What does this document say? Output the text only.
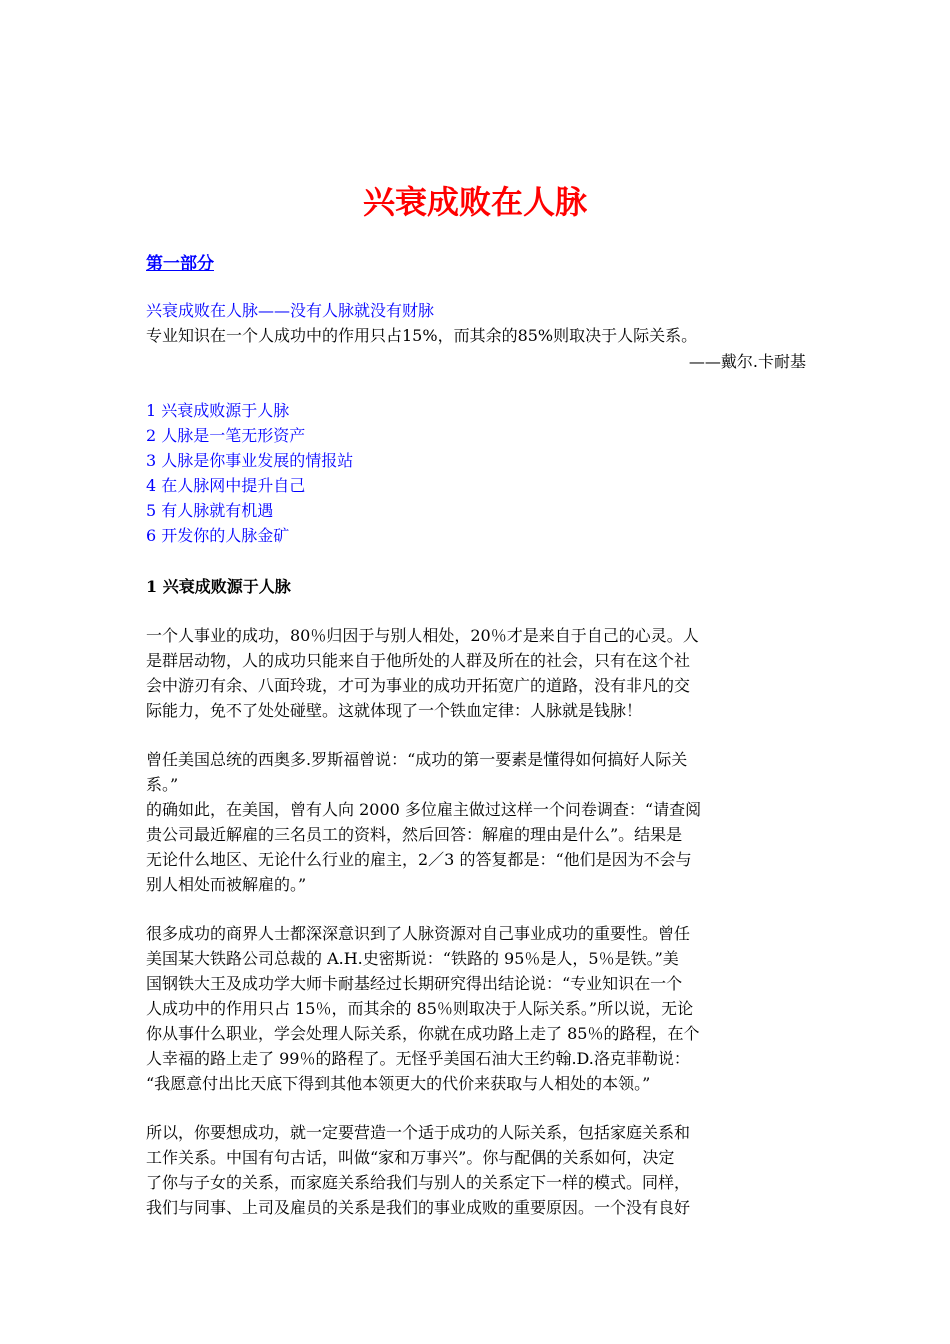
兴衰成败在人脉
第一部分
兴衰成败在人脉——没有人脉就没有财脉
专业知识在一个人成功中的作用只占15%，而其余的85%则取决于人际关系。
——戴尔.卡耐基
1 兴衰成败源于人脉
2 人脉是一笔无形资产
3 人脉是你事业发展的情报站
4 在人脉网中提升自己
5 有人脉就有机遇
6 开发你的人脉金矿
1 兴衰成败源于人脉
一个人事业的成功，80％归因于与别人相处，20％才是来自于自己的心灵。人
是群居动物，人的成功只能来自于他所处的人群及所在的社会，只有在这个社
会中游刃有余、八面玲珑，才可为事业的成功开拓宽广的道路，没有非凡的交
际能力，免不了处处碰壁。这就体现了一个铁血定律：人脉就是钱脉！
曾任美国总统的西奥多.罗斯福曾说：“成功的第一要素是懂得如何搞好人际关
系。”
的确如此，在美国，曾有人向 2000 多位雇主做过这样一个问卷调查：“请查阅
贵公司最近解雇的三名员工的资料，然后回答：解雇的理由是什么”。结果是
无论什么地区、无论什么行业的雇主，2／3 的答复都是：“他们是因为不会与
别人相处而被解雇的。”
很多成功的商界人士都深深意识到了人脉资源对自己事业成功的重要性。曾任
美国某大铁路公司总裁的 A.H.史密斯说：“铁路的 95％是人，5％是铁。”美
国钢铁大王及成功学大师卡耐基经过长期研究得出结论说：“专业知识在一个
人成功中的作用只占 15％，而其余的 85％则取决于人际关系。”所以说，无论
你从事什么职业，学会处理人际关系，你就在成功路上走了 85％的路程，在个
人幸福的路上走了 99％的路程了。无怪乎美国石油大王约翰.D.洛克菲勒说：
“我愿意付出比天底下得到其他本领更大的代价来获取与人相处的本领。”
所以，你要想成功，就一定要营造一个适于成功的人际关系，包括家庭关系和
工作关系。中国有句古话，叫做“家和万事兴”。你与配偶的关系如何，决定
了你与子女的关系，而家庭关系给我们与别人的关系定下一样的模式。同样，
我们与同事、上司及雇员的关系是我们的事业成败的重要原因。一个没有良好
